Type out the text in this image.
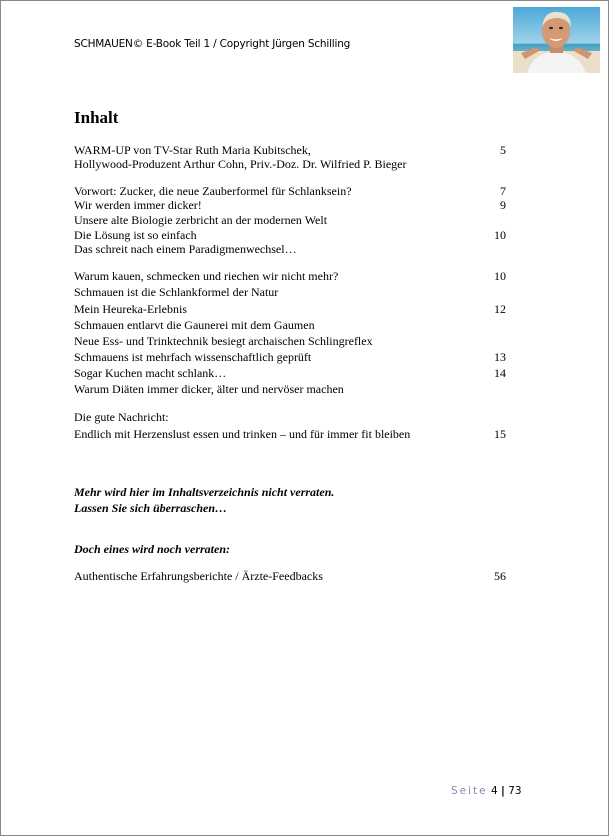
SCHMAUEN© E-Book Teil 1 / Copyright Jürgen Schilling
Inhalt
WARM-UP von TV-Star Ruth Maria Kubitschek,	5
Hollywood-Produzent Arthur Cohn, Priv.-Doz. Dr. Wilfried P. Bieger
Vorwort: Zucker, die neue Zauberformel für Schlanksein?	7
Wir werden immer dicker!	9
Unsere alte Biologie zerbricht an der modernen Welt
Die Lösung ist so einfach	10
Das schreit nach einem Paradigmenwechsel…
Warum kauen, schmecken und riechen wir nicht mehr?	10
Schmauen ist die Schlankformel der Natur
Mein Heureka-Erlebnis	12
Schmauen entlarvt die Gaunerei mit dem Gaumen
Neue Ess- und Trinktechnik besiegt archaischen Schlingreflex
Schmauens ist mehrfach wissenschaftlich geprüft	13
Sogar Kuchen macht schlank…	14
Warum Diäten immer dicker, älter und nervöser machen
Die gute Nachricht:
Endlich mit Herzenslust essen und trinken – und für immer fit bleiben	15
Mehr wird hier im Inhaltsverzeichnis nicht verraten.
Lassen Sie sich überraschen…
Doch eines wird noch verraten:
Authentische Erfahrungsberichte / Ärzte-Feedbacks	56
Seite 4 | 73
